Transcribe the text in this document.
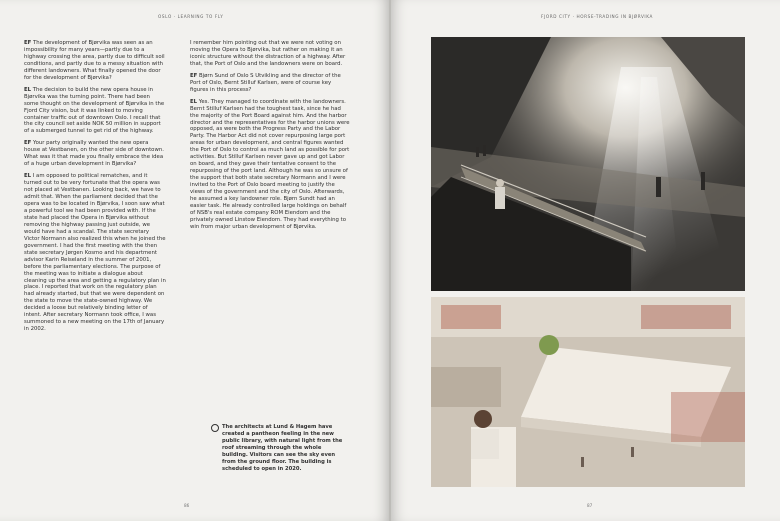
OSLO · LEARNING TO FLY

EF The development of Bjørvika was seen as an impossibility for many years—partly due to a highway crossing the area, partly due to difficult soil conditions, and partly due to a messy situation with different landowners. What finally opened the door for the development of Bjørvika?

EL The decision to build the new opera house in Bjørvika was the turning point. There had been some thought on the development of Bjørvika in the Fjord City vision, but it was linked to moving container traffic out of downtown Oslo. I recall that the city council set aside NOK 50 million in support of a submerged tunnel to get rid of the highway.

EF Your party originally wanted the new opera house at Vestbanen, on the other side of downtown. What was it that made you finally embrace the idea of a huge urban development in Bjørvika?

EL I am opposed to political rematches, and it turned out to be very fortunate that the opera was not placed at Vestbanen. Looking back, we have to admit that. When the parliament decided that the opera was to be located in Bjørvika, I soon saw what a powerful tool we had been provided with. If the state had placed the Opera in Bjørvika without removing the highway passing just outside, we would have had a scandal. The state secretary Victor Normann also realized this when he joined the government. I had the first meeting with the then state secretary Jørgen Kosmo and his department advisor Karin Reiseland in the summer of 2001, before the parliamentary elections. The purpose of the meeting was to initiate a dialogue about cleaning up the area and getting a regulatory plan in place. I reported that work on the regulatory plan had already started, but that we were dependent on the state to move the state-owned highway. We decided a loose but relatively binding letter of intent. After secretary Normann took office, I was summoned to a new meeting on the 17th of January in 2002.

I remember him pointing out that we were not voting on moving the Opera to Bjørvika, but rather on making it an iconic structure without the distraction of a highway. After that, the Port of Oslo and the landowners were on board.

EF Bjørn Sund of Oslo S Utvikling and the director of the Port of Oslo, Bernt Stilluf Karlsen, were of course key figures in this process?

EL Yes. They managed to coordinate with the landowners. Bernt Stilluf Karlsen had the toughest task, since he had the majority of the Port Board against him. And the harbor director and the representatives for the harbor unions were opposed, as were both the Progress Party and the Labor Party. The Harbor Act did not cover repurposing large port areas for urban development, and central figures wanted the Port of Oslo to control as much land as possible for port activities. But Stilluf Karlsen never gave up and got Labor on board, and they gave their tentative consent to the repurposing of the port land. Although he was so unsure of the support that both state secretary Normann and I were invited to the Port of Oslo board meeting to justify the views of the government and the city of Oslo. Afterwards, he assumed a key landowner role. Bjørn Sundt had an easier task. He already controlled large holdings on behalf of NSB's real estate company ROM Eiendom and the privately owned Linstow Eiendom. They had everything to win from major urban development of Bjørvika.

The architects at Lund & Hagem have created a pantheon feeling in the new public library, with natural light from the roof streaming through the whole building. Visitors can see the sky even from the ground floor. The building is scheduled to open in 2020.
86
FJORD CITY · HORSE-TRADING IN BJØRVIKA
87
